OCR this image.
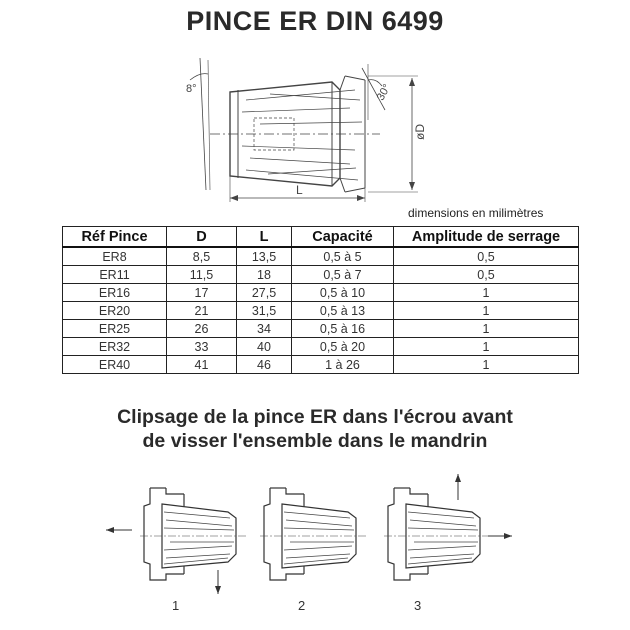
PINCE ER DIN 6499
8°	30°
øD
L
dimensions en milimètres
Réf Pince	D	L	Capacité	Amplitude de serrage
ER8	8,5	13,5	0,5 à 5	0,5
ER11	11,5	18	0,5 à 7	0,5
ER16	17	27,5	0,5 à 10	1
ER20	21	31,5	0,5 à 13	1
ER25	26	34	0,5 à 16	1
ER32	33	40	0,5 à 20	1
ER40	41	46	1 à 26	1
Clipsage de la pince ER dans l'écrou avant
de visser l'ensemble dans le mandrin
1	2	3
